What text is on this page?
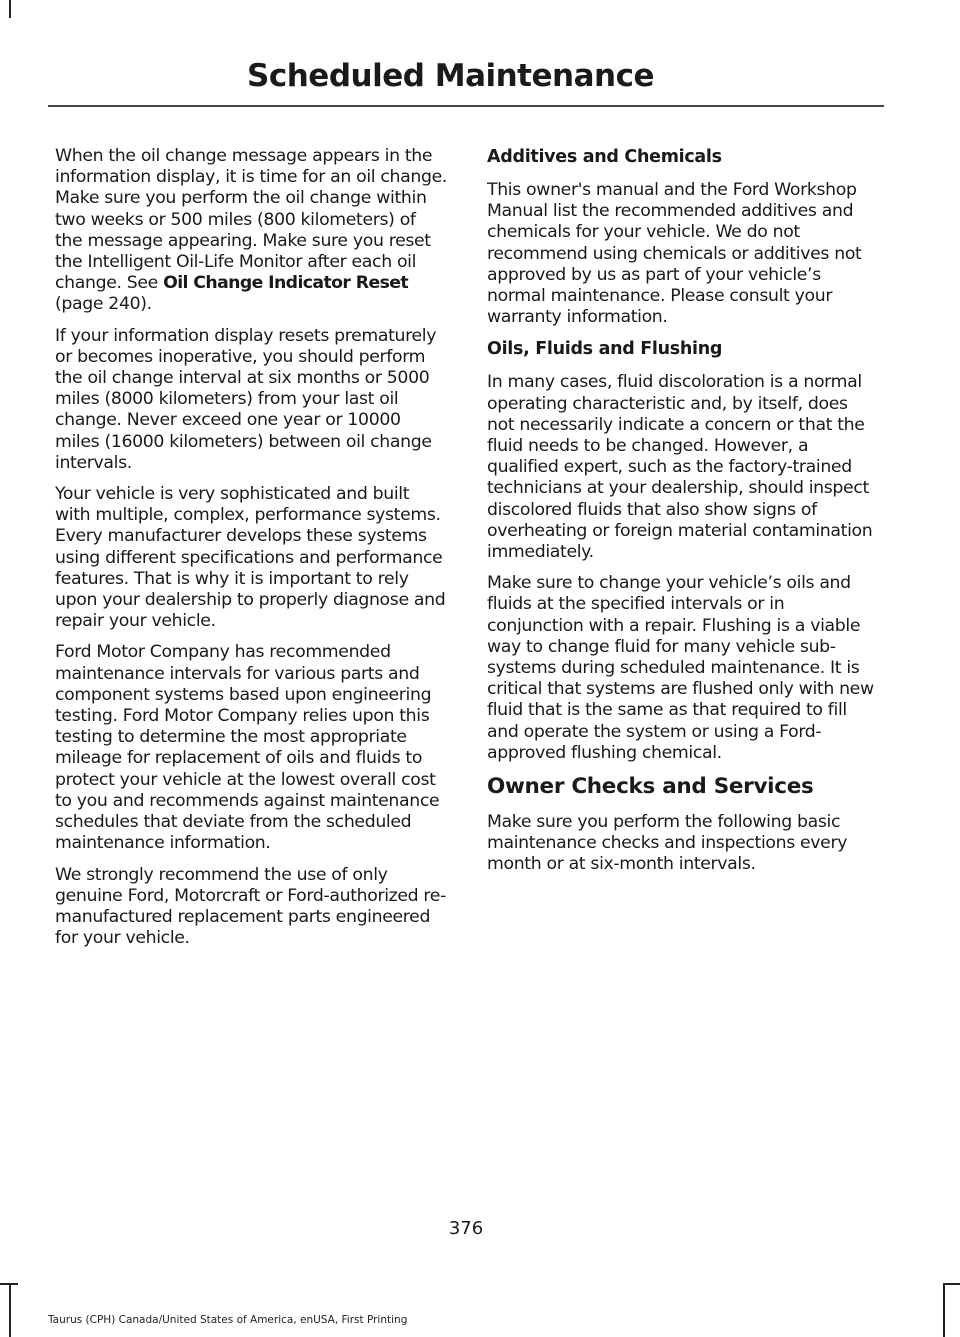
Scheduled Maintenance

When the oil change message appears in the information display, it is time for an oil change. Make sure you perform the oil change within two weeks or 500 miles (800 kilometers) of the message appearing. Make sure you reset the Intelligent Oil-Life Monitor after each oil change. See Oil Change Indicator Reset (page 240).

If your information display resets prematurely or becomes inoperative, you should perform the oil change interval at six months or 5000 miles (8000 kilometers) from your last oil change. Never exceed one year or 10000 miles (16000 kilometers) between oil change intervals.

Your vehicle is very sophisticated and built with multiple, complex, performance systems. Every manufacturer develops these systems using different specifications and performance features. That is why it is important to rely upon your dealership to properly diagnose and repair your vehicle.

Ford Motor Company has recommended maintenance intervals for various parts and component systems based upon engineering testing. Ford Motor Company relies upon this testing to determine the most appropriate mileage for replacement of oils and fluids to protect your vehicle at the lowest overall cost to you and recommends against maintenance schedules that deviate from the scheduled maintenance information.

We strongly recommend the use of only genuine Ford, Motorcraft or Ford-authorized re-manufactured replacement parts engineered for your vehicle.

Additives and Chemicals

This owner's manual and the Ford Workshop Manual list the recommended additives and chemicals for your vehicle. We do not recommend using chemicals or additives not approved by us as part of your vehicle’s normal maintenance. Please consult your warranty information.

Oils, Fluids and Flushing

In many cases, fluid discoloration is a normal operating characteristic and, by itself, does not necessarily indicate a concern or that the fluid needs to be changed. However, a qualified expert, such as the factory-trained technicians at your dealership, should inspect discolored fluids that also show signs of overheating or foreign material contamination immediately.

Make sure to change your vehicle’s oils and fluids at the specified intervals or in conjunction with a repair. Flushing is a viable way to change fluid for many vehicle sub-systems during scheduled maintenance. It is critical that systems are flushed only with new fluid that is the same as that required to fill and operate the system or using a Ford-approved flushing chemical.

Owner Checks and Services

Make sure you perform the following basic maintenance checks and inspections every month or at six-month intervals.

376
Taurus (CPH) Canada/United States of America, enUSA, First Printing
